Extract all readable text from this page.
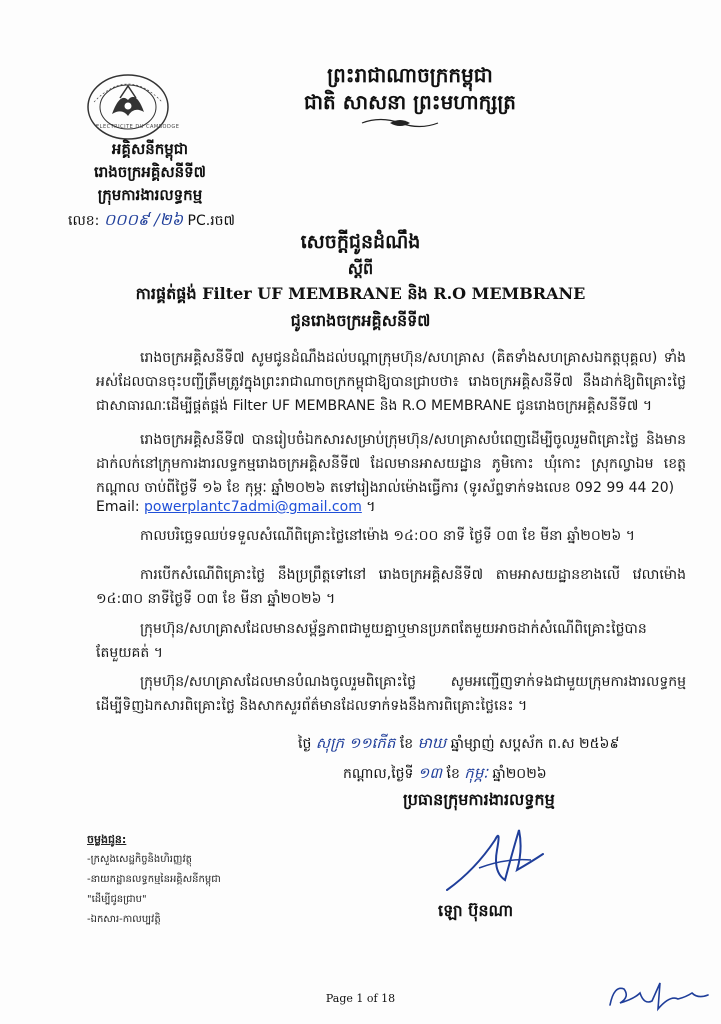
ELECTRICITE DU CAMBODGE
ព្រះរាជាណាចក្រកម្ពុជា
ជាតិ សាសនា ព្រះមហាក្សត្រ
អគ្គិសនីកម្ពុជា
រោងចក្រអគ្គិសនីទី៧
ក្រុមការងារលទ្ធកម្ម
លេខ: ០០០៩ /២៦ PC.រច៧
សេចក្តីជូនដំណឹង
ស្តីពី
ការផ្គត់ផ្គង់ Filter UF MEMBRANE និង R.O MEMBRANE
ជូនរោងចក្រអគ្គិសនីទី៧

រោងចក្រអគ្គិសនីទី៧ សូមជូនដំណឹងដល់បណ្តាក្រុមហ៊ុន/សហគ្រាស (គិតទាំងសហគ្រាសឯកត្តបុគ្គល) ទាំងអស់ដែលបានចុះបញ្ជីត្រឹមត្រូវក្នុងព្រះរាជាណាចក្រកម្ពុជាឱ្យបានជ្រាបថា៖ រោងចក្រអគ្គិសនីទី៧ នឹងដាក់ឱ្យពិគ្រោះថ្លៃជាសាធារណៈដើម្បីផ្គត់ផ្គង់ Filter UF MEMBRANE និង R.O MEMBRANE ជូនរោងចក្រអគ្គិសនីទី៧ ។

រោងចក្រអគ្គិសនីទី៧ បានរៀបចំឯកសារសម្រាប់ក្រុមហ៊ុន/សហគ្រាសបំពេញដើម្បីចូលរួមពិគ្រោះថ្លៃ និងមានដាក់លក់នៅក្រុមការងារលទ្ធកម្មរោងចក្រអគ្គិសនីទី៧ ដែលមានអាសយដ្ឋាន ភូមិកោះ ឃុំកោះ ស្រុកល្វាឯម ខេត្តកណ្តាល ចាប់ពីថ្ងៃទី ១៦ ខែ កុម្ភៈ ឆ្នាំ២០២៦ តទៅរៀងរាល់ម៉ោងធ្វើការ (ទូរស័ព្ទទាក់ទងលេខ 092 99 44 20)

Email: powerplantc7admi@gmail.com ។

កាលបរិច្ឆេទឈប់ទទួលសំណើពិគ្រោះថ្លៃនៅម៉ោង ១៤:០០ នាទី ថ្ងៃទី ០៣ ខែ មីនា ឆ្នាំ២០២៦ ។

ការបើកសំណើពិគ្រោះថ្លៃ នឹងប្រព្រឹត្តទៅនៅ រោងចក្រអគ្គិសនីទី៧ តាមអាសយដ្ឋានខាងលើ វេលាម៉ោង ១៤:៣០ នាទីថ្ងៃទី ០៣ ខែ មីនា ឆ្នាំ២០២៦ ។

ក្រុមហ៊ុន/សហគ្រាសដែលមានសម្ព័ន្ធភាពជាមួយគ្នាឬមានប្រភពតែមួយអាចដាក់សំណើពិគ្រោះថ្លៃបានតែមួយគត់ ។

ក្រុមហ៊ុន/សហគ្រាសដែលមានបំណងចូលរួមពិគ្រោះថ្លៃ សូមអញ្ជើញទាក់ទងជាមួយក្រុមការងារលទ្ធកម្មដើម្បីទិញឯកសារពិគ្រោះថ្លៃ និងសាកសួរព័ត៌មានដែលទាក់ទងនឹងការពិគ្រោះថ្លៃនេះ ។

ថ្ងៃ សុក្រ ១១កើត ខែ មាឃ ឆ្នាំម្សាញ់ សប្តស័ក ព.ស ២៥៦៩
កណ្តាល,ថ្ងៃទី ១៣ ខែ កុម្ភៈ ឆ្នាំ២០២៦
ប្រធានក្រុមការងារលទ្ធកម្ម
ឡោ ប៊ុនណា
ចម្លងជូន:
-ក្រសួងសេដ្ឋកិច្ចនិងហិរញ្ញវត្ថុ
-នាយកដ្ឋានលទ្ធកម្មនៃអគ្គិសនីកម្ពុជា
"ដើម្បីជូនជ្រាប"
-ឯកសារ-កាលប្បវត្តិ
Page 1 of 18
